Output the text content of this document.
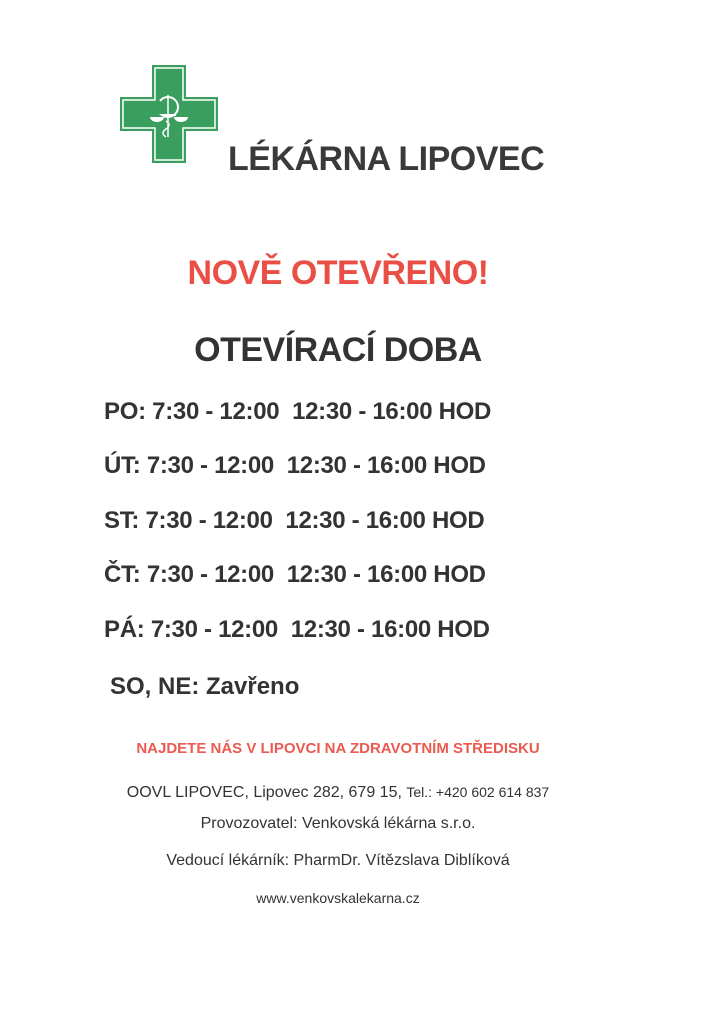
LÉKÁRNA LIPOVEC
NOVĚ OTEVŘENO!
OTEVÍRACÍ DOBA
PO: 7:30 - 12:00 12:30 - 16:00 HOD
ÚT: 7:30 - 12:00 12:30 - 16:00 HOD
ST: 7:30 - 12:00 12:30 - 16:00 HOD
ČT: 7:30 - 12:00 12:30 - 16:00 HOD
PÁ: 7:30 - 12:00 12:30 - 16:00 HOD
SO, NE: Zavřeno
NAJDETE NÁS V LIPOVCI NA ZDRAVOTNÍM STŘEDISKU
OOVL LIPOVEC, Lipovec 282, 679 15, Tel.: +420 602 614 837
Provozovatel: Venkovská lékárna s.r.o.
Vedoucí lékárník: PharmDr. Vítězslava Diblíková
www.venkovskalekarna.cz
